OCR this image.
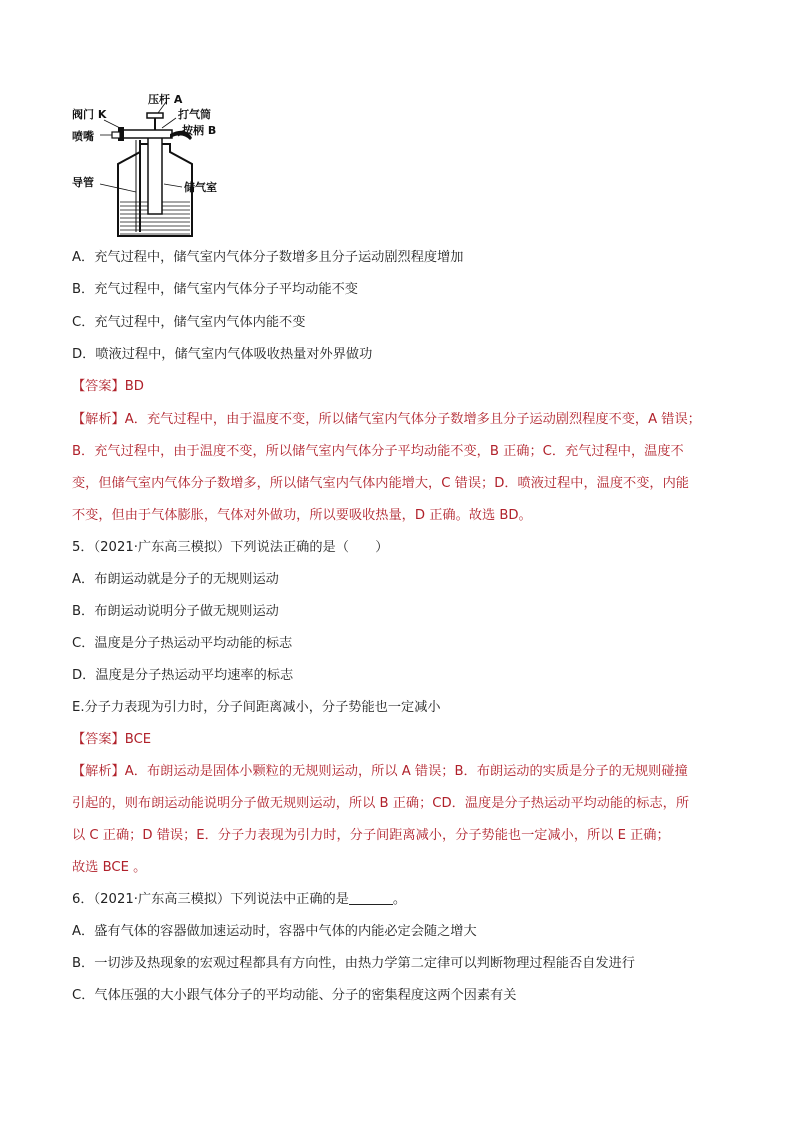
压杆 A
打气筒
按柄 B
阀门 K
喷嘴
导管	储气室
A．充气过程中，储气室内气体分子数增多且分子运动剧烈程度增加
B．充气过程中，储气室内气体分子平均动能不变
C．充气过程中，储气室内气体内能不变
D．喷液过程中，储气室内气体吸收热量对外界做功
【答案】BD
【解析】A．充气过程中，由于温度不变，所以储气室内气体分子数增多且分子运动剧烈程度不变，A 错误；
B．充气过程中，由于温度不变，所以储气室内气体分子平均动能不变，B 正确；C．充气过程中，温度不
变，但储气室内气体分子数增多，所以储气室内气体内能增大，C 错误；D．喷液过程中，温度不变，内能
不变，但由于气体膨胀，气体对外做功，所以要吸收热量，D 正确。故选 BD。
5．（2021·广东高三模拟）下列说法正确的是（　　）
A．布朗运动就是分子的无规则运动
B．布朗运动说明分子做无规则运动
C．温度是分子热运动平均动能的标志
D．温度是分子热运动平均速率的标志
E.分子力表现为引力时，分子间距离减小，分子势能也一定减小
【答案】BCE
【解析】A．布朗运动是固体小颗粒的无规则运动，所以 A 错误；B．布朗运动的实质是分子的无规则碰撞
引起的，则布朗运动能说明分子做无规则运动，所以 B 正确；CD．温度是分子热运动平均动能的标志，所
以 C 正确；D 错误；E．分子力表现为引力时，分子间距离减小，分子势能也一定减小，所以 E 正确；
故选 BCE 。
6．（2021·广东高三模拟）下列说法中正确的是	。
A．盛有气体的容器做加速运动时，容器中气体的内能必定会随之增大
B．一切涉及热现象的宏观过程都具有方向性，由热力学第二定律可以判断物理过程能否自发进行
C．气体压强的大小跟气体分子的平均动能、分子的密集程度这两个因素有关
